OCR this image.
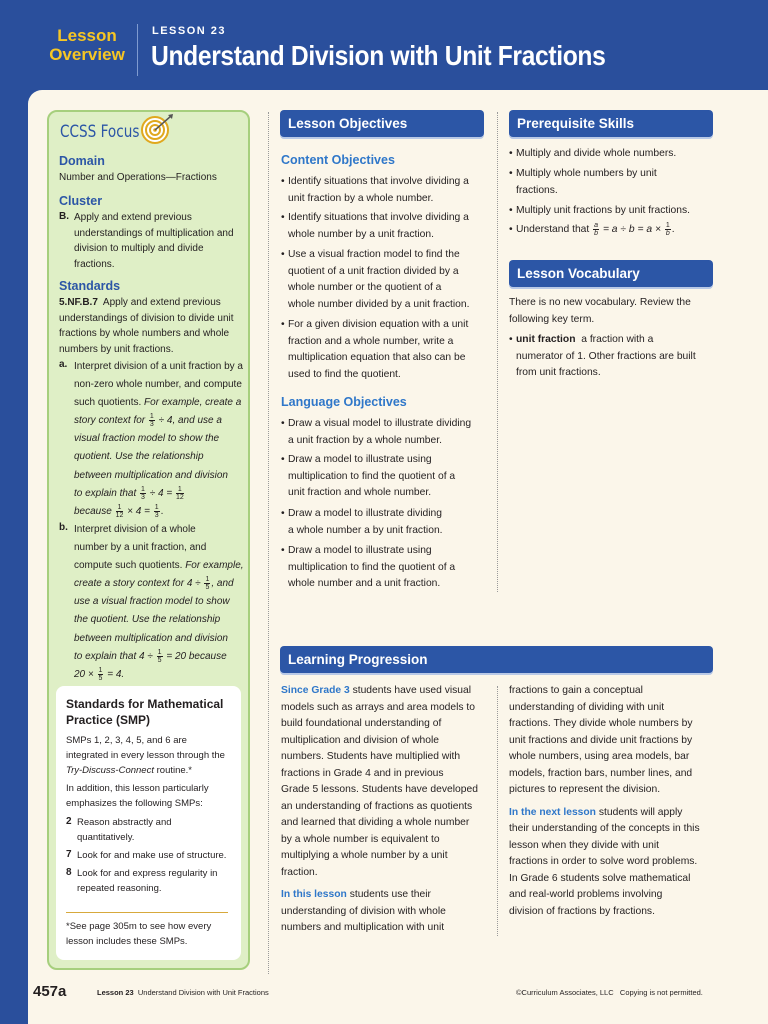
Lesson Overview
LESSON 23
Understand Division with Unit Fractions
CCSS Focus
Domain
Number and Operations—Fractions
Cluster
B. Apply and extend previous
understandings of multiplication and
division to multiply and divide
fractions.
Standards
5.NF.B.7 Apply and extend previous
understandings of division to divide unit
fractions by whole numbers and whole
numbers by unit fractions.
a. Interpret division of a unit fraction by a
non-zero whole number, and compute
such quotients. For example, create a
story context for $\frac{1}{3} \div 4$, and use a
visual fraction model to show the
quotient. Use the relationship
between multiplication and division
to explain that $\frac{1}{3} \div 4 = \frac{1}{12}$
because $\frac{1}{12} \times 4 = \frac{1}{3}$ .
b. Interpret division of a whole
number by a unit fraction, and
compute such quotients. For example,
create a story context for $4 \div \frac{1}{5}$ , and
use a visual fraction model to show
the quotient. Use the relationship
between multiplication and division
to explain that $4 \div \frac{1}{5} = 20$ because
$20 \times \frac{1}{5} = 4$.
Standards for Mathematical
Practice (SMP)
SMPs 1, 2, 3, 4, 5, and 6 are
integrated in every lesson through the
Try-Discuss-Connect routine.*
In addition, this lesson particularly
emphasizes the following SMPs:
2 Reason abstractly and
quantitatively.
7 Look for and make use of structure.
8 Look for and express regularity in
repeated reasoning.
*See page 305m to see how every
lesson includes these SMPs.
Lesson Objectives
Content Objectives
• Identify situations that involve dividing a
unit fraction by a whole number.
• Identify situations that involve dividing a
whole number by a unit fraction.
• Use a visual fraction model to find the
quotient of a unit fraction divided by a
whole number or the quotient of a
whole number divided by a unit fraction.
• For a given division equation with a unit
fraction and a whole number, write a
multiplication equation that also can be
used to find the quotient.
Language Objectives
• Draw a visual model to illustrate dividing
a unit fraction by a whole number.
• Draw a model to illustrate using
multiplication to find the quotient of a
unit fraction and whole number.
• Draw a model to illustrate dividing
a whole number a by unit fraction.
• Draw a model to illustrate using
multiplication to find the quotient of a
whole number and a unit fraction.
Prerequisite Skills
• Multiply and divide whole numbers.
• Multiply whole numbers by unit
fractions.
• Multiply unit fractions by unit fractions.
• Understand that $\frac{a}{b} = a \div b = a \times \frac{1}{b}$ .
Lesson Vocabulary
There is no new vocabulary. Review the
following key term.
• unit fraction a fraction with a
numerator of 1. Other fractions are built
from unit fractions.
Learning Progression
Since Grade 3 students have used visual
models such as arrays and area models to
build foundational understanding of
multiplication and division of whole
numbers. Students have multiplied with
fractions in Grade 4 and in previous
Grade 5 lessons. Students have developed
an understanding of fractions as quotients
and learned that dividing a whole number
by a whole number is equivalent to
multiplying a whole number by a unit
fraction.
In this lesson students use their
understanding of division with whole
numbers and multiplication with unit
fractions to gain a conceptual
understanding of dividing with unit
fractions. They divide whole numbers by
unit fractions and divide unit fractions by
whole numbers, using area models, bar
models, fraction bars, number lines, and
pictures to represent the division.
In the next lesson students will apply
their understanding of the concepts in this
lesson when they divide with unit
fractions in order to solve word problems.
In Grade 6 students solve mathematical
and real-world problems involving
division of fractions by fractions.
457a	Lesson 23 Understand Division with Unit Fractions	©Curriculum Associates, LLC Copying is not permitted.
